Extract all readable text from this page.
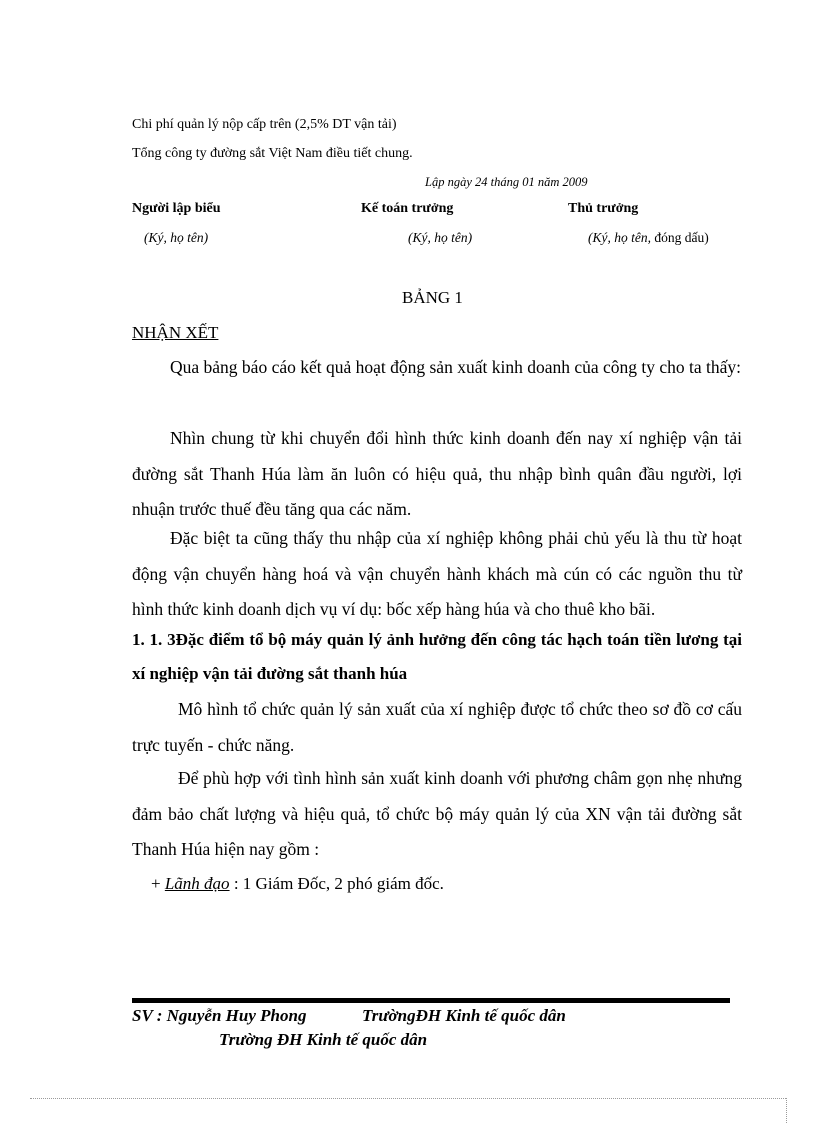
Chi phí quản lý nộp cấp trên (2,5% DT vận tải)
Tổng công ty đường sắt Việt Nam điều tiết chung.
Lập ngày 24 tháng 01 năm 2009
Người lập biểu	Kế toán trưởng	Thủ trưởng
(Ký, họ tên)	(Ký, họ tên)	(Ký, họ tên, đóng dấu)
BẢNG 1
NHẬN XẾT
Qua bảng báo cáo kết quả hoạt động sản xuất kinh doanh của công ty cho ta thấy:
Nhìn chung từ khi chuyển đổi hình thức kinh doanh đến nay xí nghiệp vận tải đường sắt Thanh Húa làm ăn luôn có hiệu quả, thu nhập bình quân đầu người, lợi nhuận trước thuế đều tăng qua các năm.
Đặc biệt ta cũng thấy thu nhập của xí nghiệp không phải chủ yếu là thu từ hoạt động vận chuyển hàng hoá và vận chuyển hành khách mà cún có các nguồn thu từ hình thức kinh doanh dịch vụ ví dụ: bốc xếp hàng húa và cho thuê kho bãi.
1. 1. 3Đặc điểm tổ bộ máy quản lý ảnh hưởng đến công tác hạch toán tiền lương tại xí nghiệp vận tải đường sắt thanh húa
Mô hình tổ chức quản lý sản xuất của xí nghiệp được tổ chức theo sơ đồ cơ cấu trực tuyến - chức năng.
Để phù hợp với tình hình sản xuất kinh doanh với phương châm gọn nhẹ nhưng đảm bảo chất lượng và hiệu quả, tổ chức bộ máy quản lý của XN vận tải đường sắt Thanh Húa hiện nay gồm :
+ Lãnh đạo : 1 Giám Đốc, 2 phó giám đốc.
SV : Nguyễn Huy Phong	TrườngĐH Kinh tế quốc dân
Trường ĐH Kinh tế quốc dân
